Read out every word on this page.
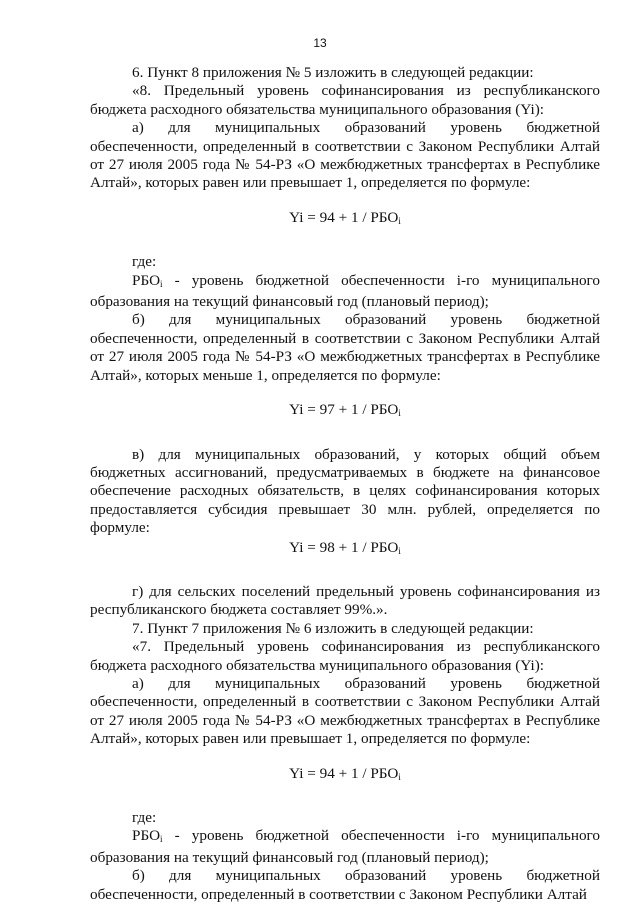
13

6. Пункт 8 приложения № 5 изложить в следующей редакции:

«8. Предельный уровень софинансирования из республиканского бюджета расходного обязательства муниципального образования (Yi):

а) для муниципальных образований уровень бюджетной обеспеченности, определенный в соответствии с Законом Республики Алтай от 27 июля 2005 года № 54-РЗ «О межбюджетных трансфертах в Республике Алтай», которых равен или превышает 1, определяется по формуле:

Yi = 94 + 1 / РБОi

где:

РБОi - уровень бюджетной обеспеченности i-го муниципального образования на текущий финансовый год (плановый период);

б) для муниципальных образований уровень бюджетной обеспеченности, определенный в соответствии с Законом Республики Алтай от 27 июля 2005 года № 54-РЗ «О межбюджетных трансфертах в Республике Алтай», которых меньше 1, определяется по формуле:

Yi = 97 + 1 / РБОi

в) для муниципальных образований, у которых общий объем бюджетных ассигнований, предусматриваемых в бюджете на финансовое обеспечение расходных обязательств, в целях софинансирования которых предоставляется субсидия превышает 30 млн. рублей, определяется по формуле:

Yi = 98 + 1 / РБОi

г) для сельских поселений предельный уровень софинансирования из республиканского бюджета составляет 99%.».

7. Пункт 7 приложения № 6 изложить в следующей редакции:

«7. Предельный уровень софинансирования из республиканского бюджета расходного обязательства муниципального образования (Yi):

а) для муниципальных образований уровень бюджетной обеспеченности, определенный в соответствии с Законом Республики Алтай от 27 июля 2005 года № 54-РЗ «О межбюджетных трансфертах в Республике Алтай», которых равен или превышает 1, определяется по формуле:

Yi = 94 + 1 / РБОi

где:

РБОi - уровень бюджетной обеспеченности i-го муниципального образования на текущий финансовый год (плановый период);

б) для муниципальных образований уровень бюджетной обеспеченности, определенный в соответствии с Законом Республики Алтай
